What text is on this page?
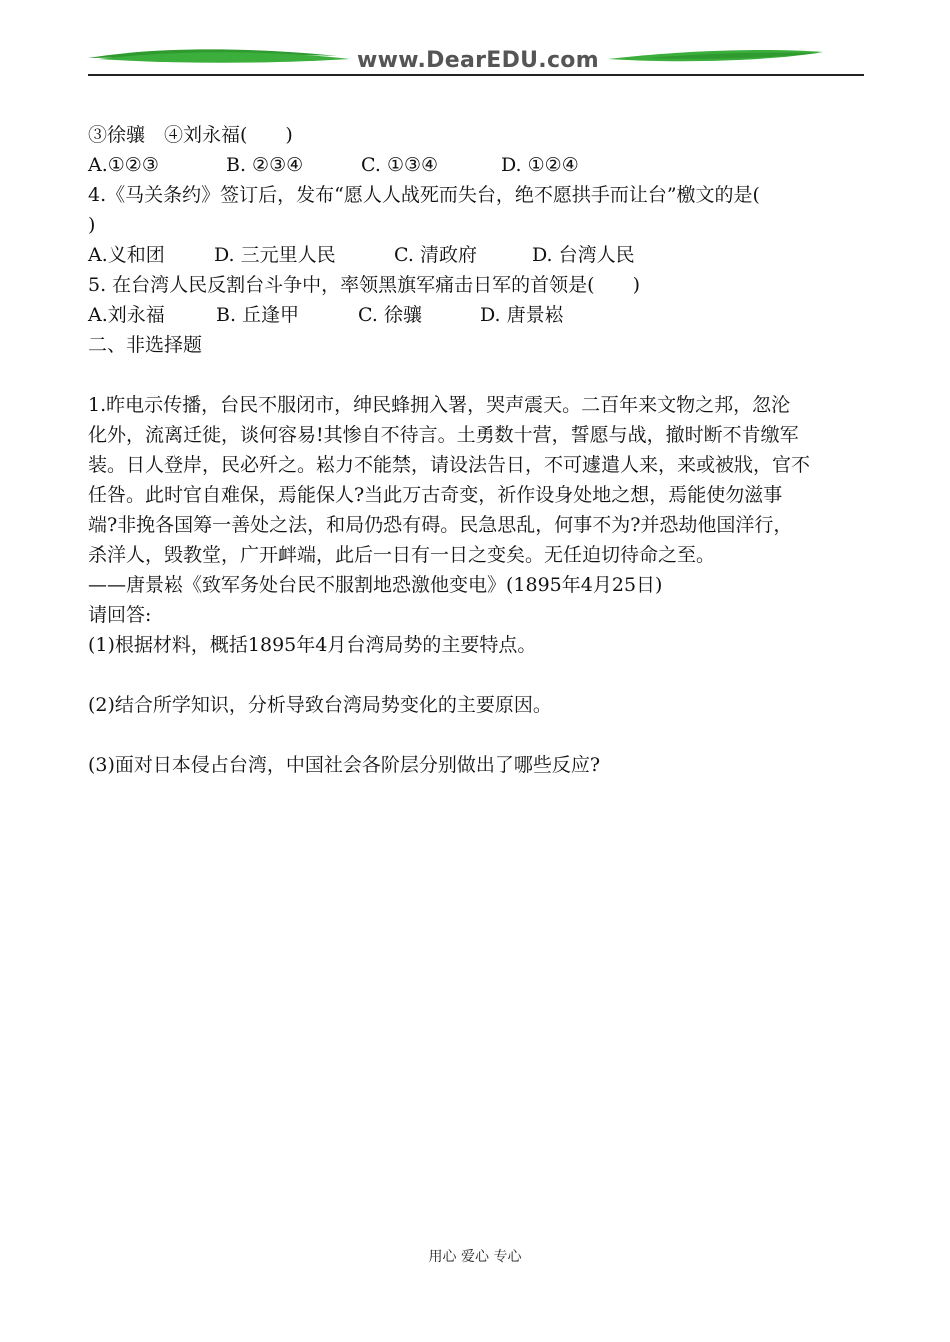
www.DearEDU.com
③徐骧　④刘永福(　　)
A.①②③	B. ②③④	C. ①③④	D. ①②④
4.《马关条约》签订后，发布“愿人人战死而失台，绝不愿拱手而让台”檄文的是(
)
A.义和团	D. 三元里人民	C. 清政府	D. 台湾人民
5. 在台湾人民反割台斗争中，率领黑旗军痛击日军的首领是(　　)
A.刘永福	B. 丘逢甲	C. 徐骧	D. 唐景崧
二、非选择题
1.昨电示传播，台民不服闭市，绅民蜂拥入署，哭声震天。二百年来文物之邦，忽沦
化外，流离迁徙，谈何容易!其惨自不待言。土勇数十营，誓愿与战，撤时断不肯缴军
装。日人登岸，民必歼之。崧力不能禁，请设法告日，不可遽遣人来，来或被戕，官不
任咎。此时官自难保，焉能保人?当此万古奇变，祈作设身处地之想，焉能使勿滋事
端?非挽各国筹一善处之法，和局仍恐有碍。民急思乱，何事不为?并恐劫他国洋行，
杀洋人，毁教堂，广开衅端，此后一日有一日之变矣。无任迫切待命之至。
——唐景崧《致军务处台民不服割地恐激他变电》(1895年4月25日)
请回答:
(1)根据材料，概括1895年4月台湾局势的主要特点。
(2)结合所学知识，分析导致台湾局势变化的主要原因。
(3)面对日本侵占台湾，中国社会各阶层分别做出了哪些反应?
用心 爱心 专心
